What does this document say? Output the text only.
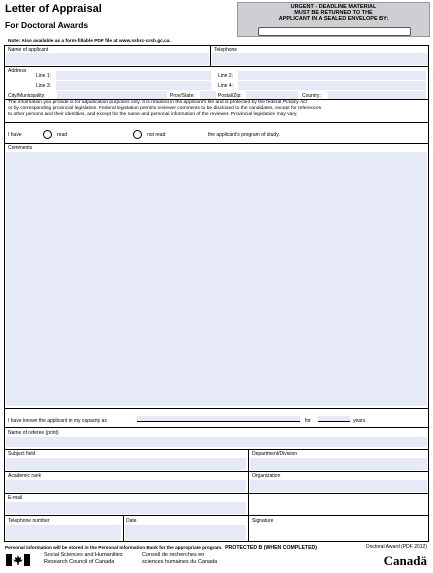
Letter of Appraisal
For Doctoral Awards
URGENT - DEADLINE MATERIAL
MUST BE RETURNED TO THE
APPLICANT IN A SEALED ENVELOPE BY:
Note: Also available as a form-fillable PDF file at www.sshrc-crsh.gc.ca.
Name of applicant	Telephone
Address
Line 1:	Line 2:
Line 3:	Line 4:
City/Municipality:	Prov/State:	Postal/Zip:	Country:
The information you provide is for adjudication purposes only. It is retained in the applicant's file and is protected by the federal Privacy Act
or by corresponding provincial legislation. Federal legislation permits reviewer comments to be disclosed to the candidates, except for references
to other persons and their identities, and except for the name and personal information of the reviewer. Provincial legislation may vary.
I have	read	not read	the applicant's program of study.
Comments
I have known the applicant in my capacity as	for	years.
Name of referee (print)
Subject field	Department/Division
Academic rank	Organization
E-mail
Telephone number	Date	Signature
Personal information will be stored in the Personal Information Bank for the appropriate program. PROTECTED B (WHEN COMPLETED)	Doctoral Award (PDF 2012)
Social Sciences and Humanities
Research Council of Canada
Conseil de recherches en
sciences humaines du Canada	Canadä
